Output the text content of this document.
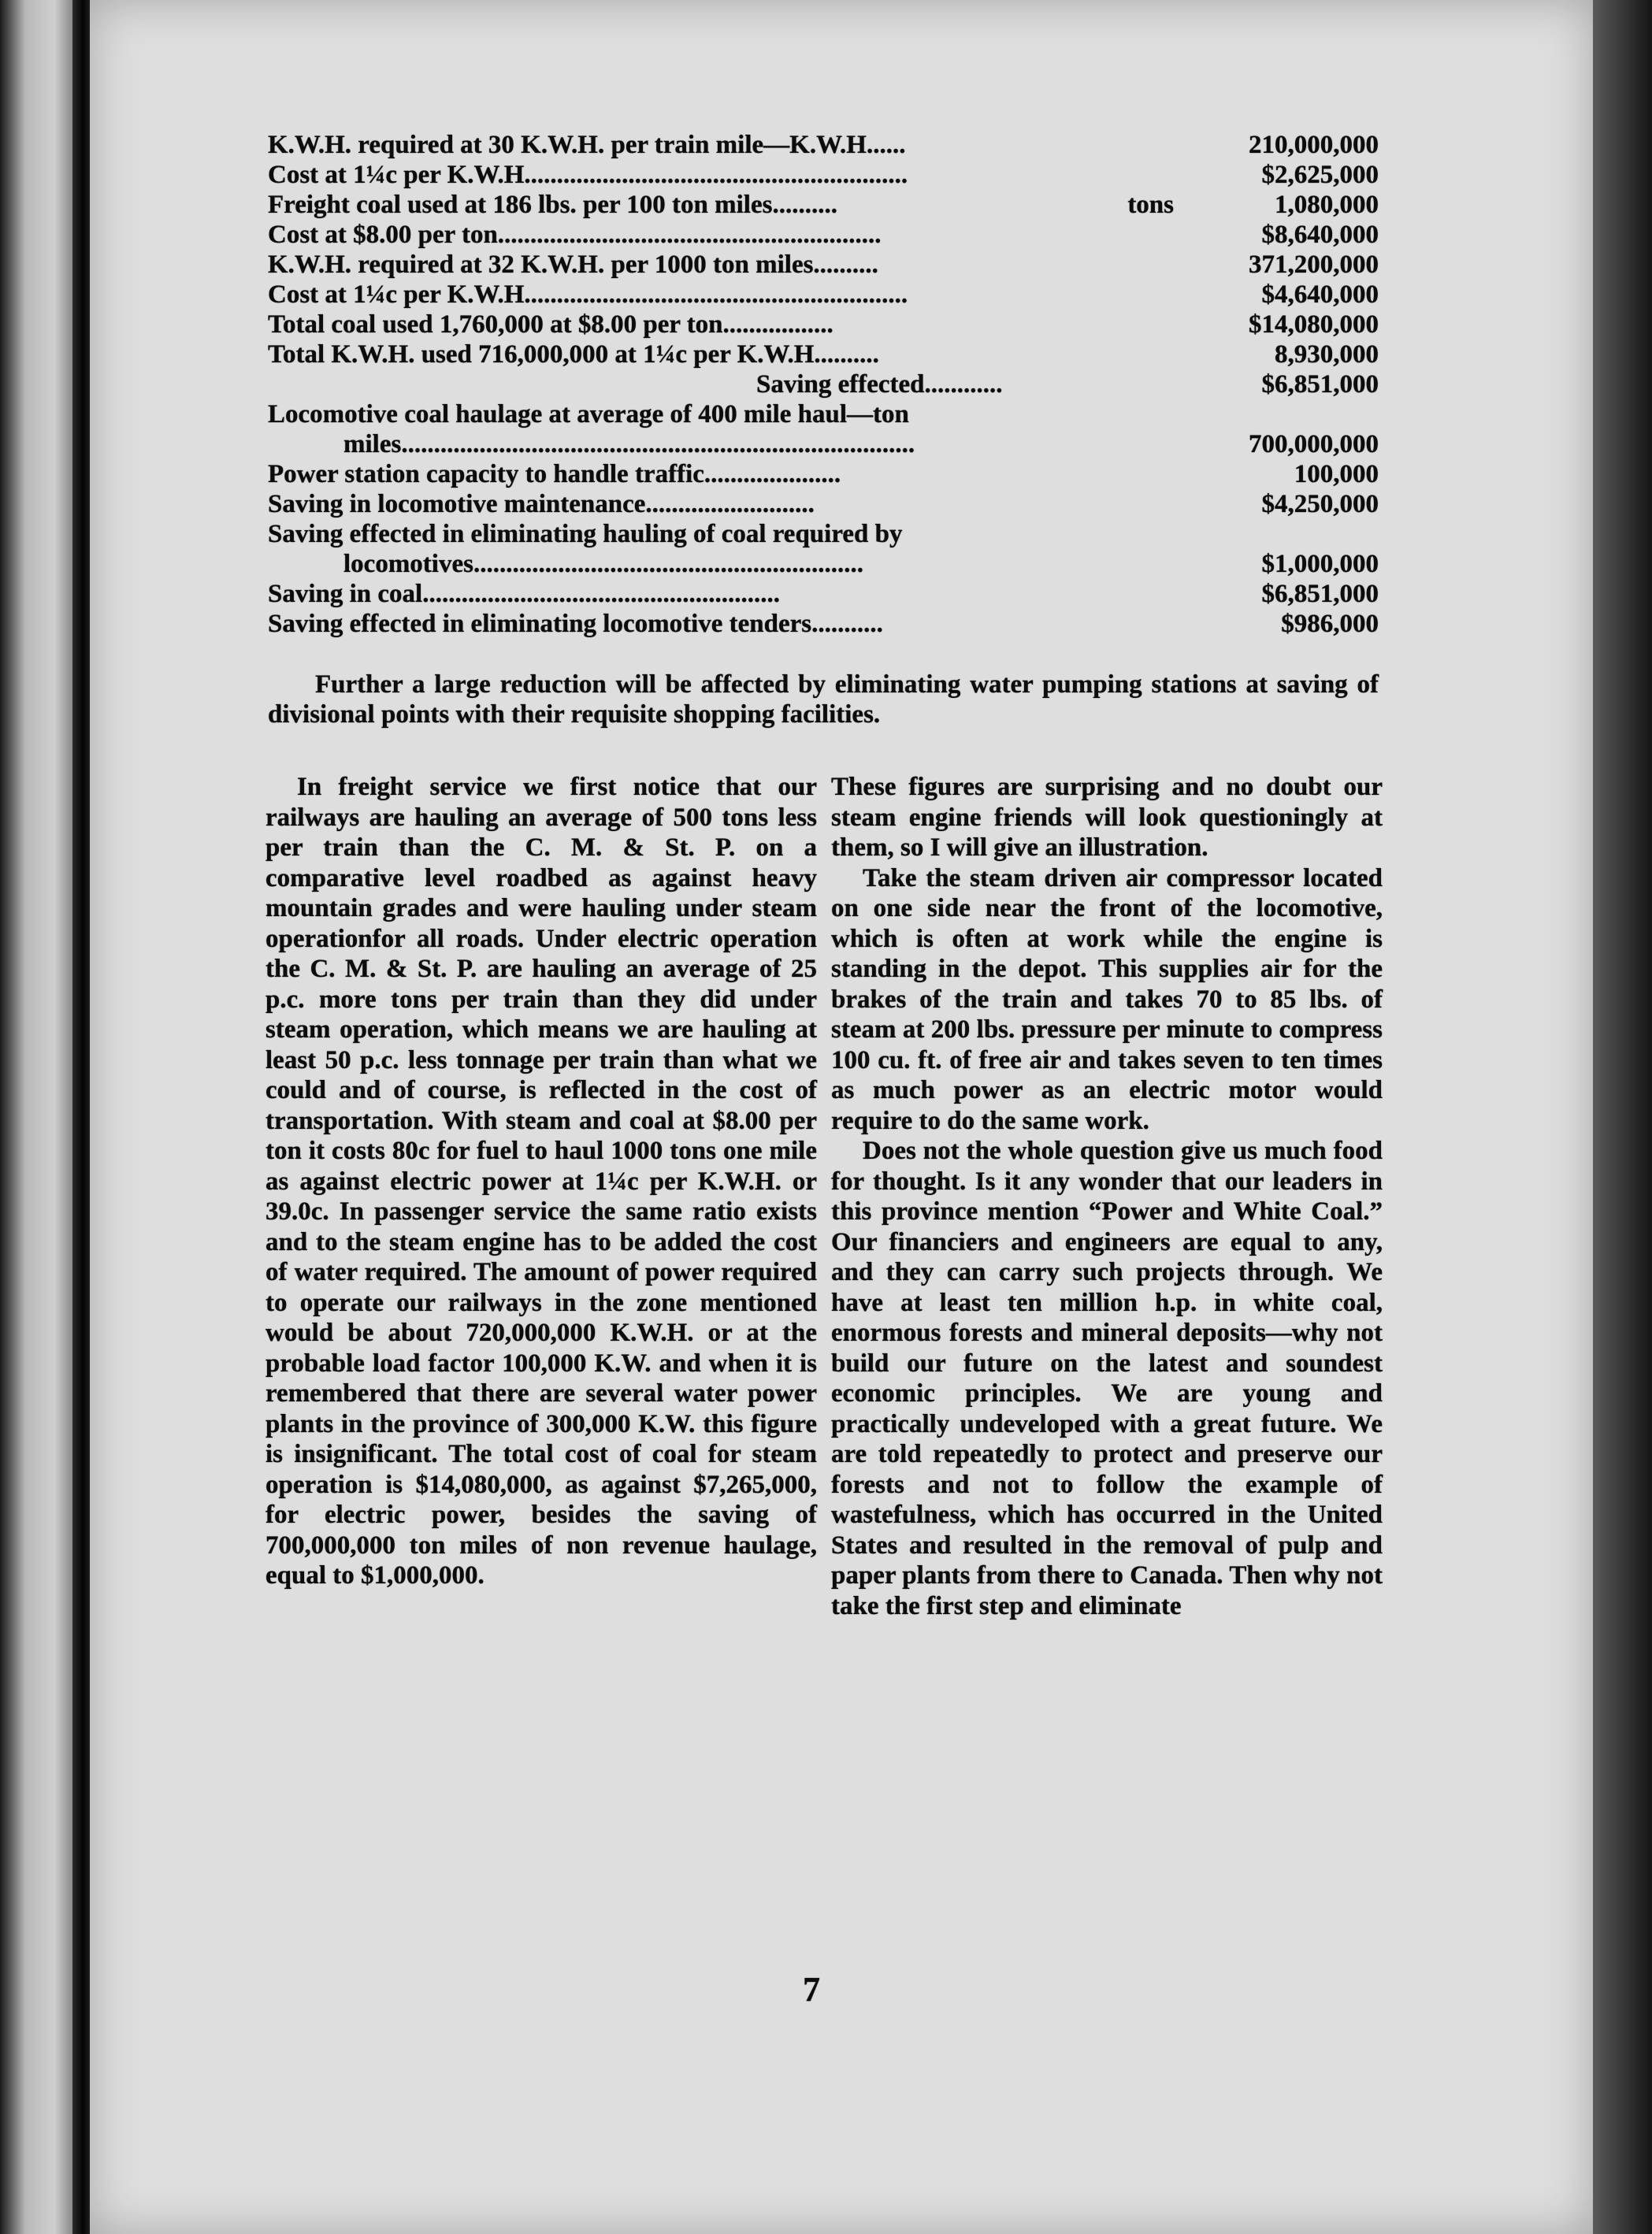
K.W.H. required at 30 K.W.H. per train mile—K.W.H......	210,000,000
Cost at 1¼c per K.W.H...........................................................	$2,625,000
Freight coal used at 186 lbs. per 100 ton miles..........	tons	1,080,000
Cost at $8.00 per ton...........................................................	$8,640,000
K.W.H. required at 32 K.W.H. per 1000 ton miles..........	371,200,000
Cost at 1¼c per K.W.H...........................................................	$4,640,000
Total coal used 1,760,000 at $8.00 per ton.................	$14,080,000
Total K.W.H. used 716,000,000 at 1¼c per K.W.H..........	8,930,000
Saving effected............	$6,851,000
Locomotive coal haulage at average of 400 mile haul—ton
miles...............................................................................	700,000,000
Power station capacity to handle traffic.....................	100,000
Saving in locomotive maintenance..........................	$4,250,000
Saving effected in eliminating hauling of coal required by
locomotives............................................................	$1,000,000
Saving in coal.......................................................	$6,851,000
Saving effected in eliminating locomotive tenders...........	$986,000

Further a large reduction will be affected by eliminating water pumping stations at saving of divisional points with their requisite shopping facilities.

In freight service we first notice that our railways are hauling an average of 500 tons less per train than the C. M. & St. P. on a comparative level roadbed as against heavy mountain grades and were hauling under steam operationfor all roads. Under electric operation the C. M. & St. P. are hauling an average of 25 p.c. more tons per train than they did under steam operation, which means we are hauling at least 50 p.c. less tonnage per train than what we could and of course, is reflected in the cost of transportation. With steam and coal at $8.00 per ton it costs 80c for fuel to haul 1000 tons one mile as against electric power at 1¼c per K.W.H. or 39.0c. In passenger service the same ratio exists and to the steam engine has to be added the cost of water required. The amount of power required to operate our railways in the zone mentioned would be about 720,000,000 K.W.H. or at the probable load factor 100,000 K.W. and when it is remembered that there are several water power plants in the province of 300,000 K.W. this figure is insignificant. The total cost of coal for steam operation is $14,080,000, as against $7,265,000, for electric power, besides the saving of 700,000,000 ton miles of non revenue haulage, equal to $1,000,000.

These figures are surprising and no doubt our steam engine friends will look questioningly at them, so I will give an illustration.

Take the steam driven air compressor located on one side near the front of the locomotive, which is often at work while the engine is standing in the depot. This supplies air for the brakes of the train and takes 70 to 85 lbs. of steam at 200 lbs. pressure per minute to compress 100 cu. ft. of free air and takes seven to ten times as much power as an electric motor would require to do the same work.

Does not the whole question give us much food for thought. Is it any wonder that our leaders in this province mention “Power and White Coal.” Our financiers and engineers are equal to any, and they can carry such projects through. We have at least ten million h.p. in white coal, enormous forests and mineral deposits—why not build our future on the latest and soundest economic principles. We are young and practically undeveloped with a great future. We are told repeatedly to protect and preserve our forests and not to follow the example of wastefulness, which has occurred in the United States and resulted in the removal of pulp and paper plants from there to Canada. Then why not take the first step and eliminate

7
